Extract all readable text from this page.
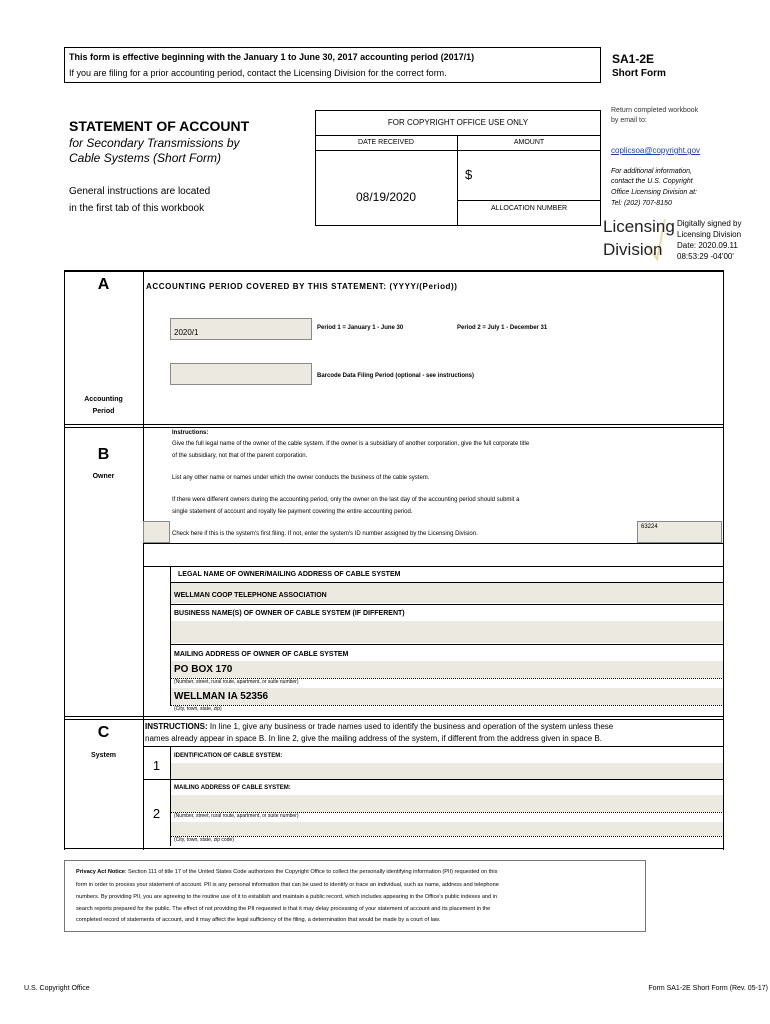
This form is effective beginning with the January 1 to June 30, 2017 accounting period (2017/1)
If you are filing for a prior accounting period, contact the Licensing Division for the correct form.
SA1-2E
Short Form
STATEMENT OF ACCOUNT
for Secondary Transmissions by
Cable Systems (Short Form)
General instructions are located
in the first tab of this workbook
FOR COPYRIGHT OFFICE USE ONLY
DATE RECEIVED	AMOUNT
08/19/2020
$
ALLOCATION NUMBER
Return completed workbook
by email to:
coplicsoa@copyright.gov
For additional information,
contact the U.S. Copyright
Office Licensing Division at:
Tel: (202) 707-8150
Licensing
Division
Digitally signed by
Licensing Division
Date: 2020.09.11
08:53:29 -04'00'
A	ACCOUNTING PERIOD COVERED BY THIS STATEMENT: (YYYY/(Period))
2020/1	Period 1 = January 1 - June 30	Period 2 = July 1 - December 31
Barcode Data Filing Period (optional - see instructions)
Accounting
Period
B
Owner
Instructions:
Give the full legal name of the owner of the cable system. If the owner is a subsidiary of another corporation, give the full corporate title
of the subsidiary, not that of the parent corporation.
List any other name or names under which the owner conducts the business of the cable system.
If there were different owners during the accounting period, only the owner on the last day of the accounting period should submit a
single statement of account and royalty fee payment covering the entire accounting period.
Check here if this is the system's first filing. If not, enter the system's ID number assigned by the Licensing Division.
63224
LEGAL NAME OF OWNER/MAILING ADDRESS OF CABLE SYSTEM
WELLMAN COOP TELEPHONE ASSOCIATION
BUSINESS NAME(S) OF OWNER OF CABLE SYSTEM (IF DIFFERENT)
MAILING ADDRESS OF OWNER OF CABLE SYSTEM
PO BOX 170
(Number, street, rural route, apartment, or suite number)
WELLMAN IA 52356
(City, town, state, zip)
C
System
INSTRUCTIONS: In line 1, give any business or trade names used to identify the business and operation of the system unless these
names already appear in space B. In line 2, give the mailing address of the system, if different from the address given in space B.
1
IDENTIFICATION OF CABLE SYSTEM:
MAILING ADDRESS OF CABLE SYSTEM:
2	(Number, street, rural route, apartment, or suite number)
(City, town, state, zip code)
Privacy Act Notice: Section 111 of title 17 of the United States Code authorizes the Copyright Office to collect the personally identifying information (PII) requested on this
form in order to process your statement of account. PII is any personal information that can be used to identify or trace an individual, such as name, address and telephone
numbers. By providing PII, you are agreeing to the routine use of it to establish and maintain a public record, which includes appearing in the Office's public indexes and in
search reports prepared for the public. The effect of not providing the PII requested is that it may delay processing of your statement of account and its placement in the
completed record of statements of account, and it may affect the legal sufficiency of the filing, a determination that would be made by a court of law.
U.S. Copyright Office	Form SA1-2E Short Form (Rev. 05-17)
